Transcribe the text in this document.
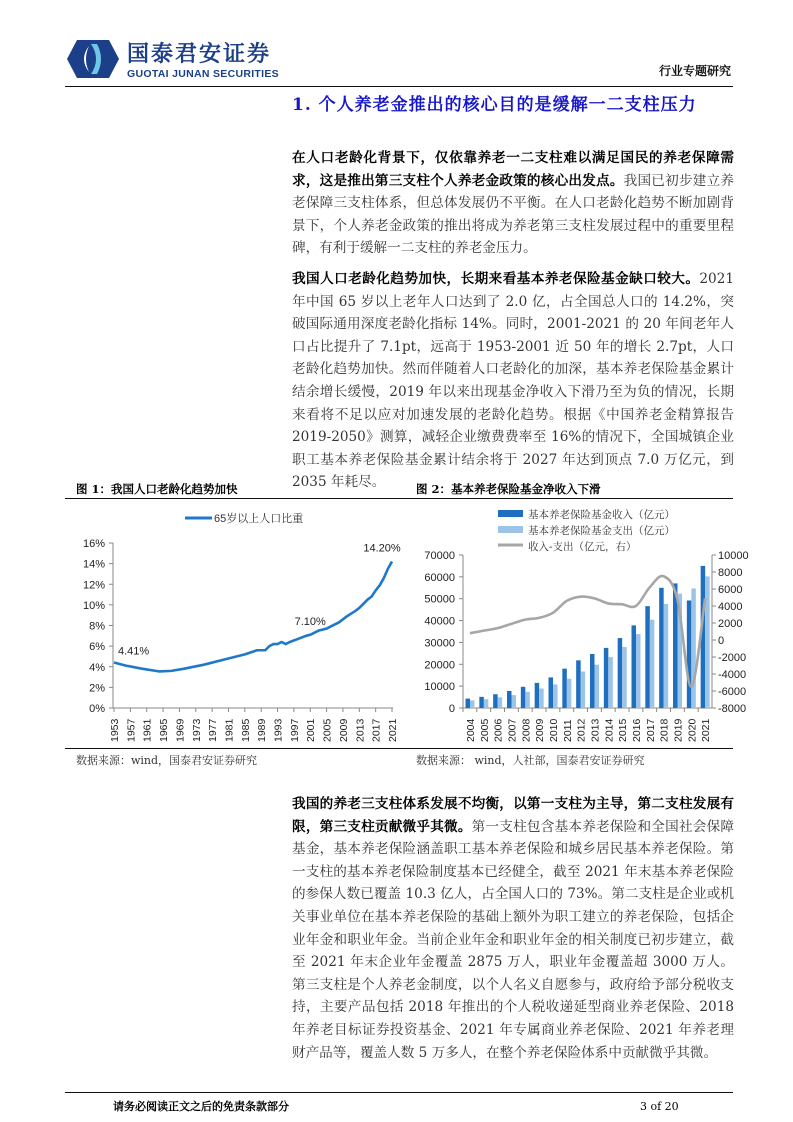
国泰君安证券
GUOTAI JUNAN SECURITIES	行业专题研究
1. 个人养老金推出的核心目的是缓解一二支柱压力
在人口老龄化背景下，仅依靠养老一二支柱难以满足国民的养老保障需求，这是推出第三支柱个人养老金政策的核心出发点。我国已初步建立养老保障三支柱体系，但总体发展仍不平衡。在人口老龄化趋势不断加剧背景下，个人养老金政策的推出将成为养老第三支柱发展过程中的重要里程碑，有利于缓解一二支柱的养老金压力。
我国人口老龄化趋势加快，长期来看基本养老保险基金缺口较大。2021年中国 65 岁以上老年人口达到了 2.0 亿，占全国总人口的 14.2%，突破国际通用深度老龄化指标 14%。同时，2001-2021 的 20 年间老年人口占比提升了 7.1pt，远高于 1953-2001 近 50 年的增长 2.7pt，人口老龄化趋势加快。然而伴随着人口老龄化的加深，基本养老保险基金累计结余增长缓慢，2019 年以来出现基金净收入下滑乃至为负的情况，长期来看将不足以应对加速发展的老龄化趋势。根据《中国养老金精算报告 2019-2050》测算，减轻企业缴费费率至 16%的情况下，全国城镇企业职工基本养老保险基金累计结余将于 2027 年达到顶点 7.0 万亿元，到 2035 年耗尽。
图 1：我国人口老龄化趋势加快	图 2：基本养老保险基金净收入下滑
数据来源：wind，国泰君安证券研究	数据来源： wind，人社部，国泰君安证券研究
0%
2%
4%
6%
8%
10%
12%
14%
16%
1953 1957 1961 1965 1969 1973 1977 1981 1985 1989 1993 1997 2001 2005 2009 2013 2017 2021
4.41%
7.10%
14.20%
65岁以上人口比重
0
10000
20000
30000
40000
50000
60000
70000
-8000
-6000
-4000
-2000
0
2000
4000
6000
8000
10000
2004 2005 2006 2007 2008 2009 2010 2011 2012 2013 2014 2015 2016 2017 2018 2019 2020 2021
基本养老保险基金收入（亿元）
基本养老保险基金支出（亿元）
收入-支出（亿元，右）
我国的养老三支柱体系发展不均衡，以第一支柱为主导，第二支柱发展有限，第三支柱贡献微乎其微。第一支柱包含基本养老保险和全国社会保障基金，基本养老保险涵盖职工基本养老保险和城乡居民基本养老保险。第一支柱的基本养老保险制度基本已经健全，截至 2021 年末基本养老保险的参保人数已覆盖 10.3 亿人，占全国人口的 73%。第二支柱是企业或机关事业单位在基本养老保险的基础上额外为职工建立的养老保险，包括企业年金和职业年金。当前企业年金和职业年金的相关制度已初步建立，截至 2021 年末企业年金覆盖 2875 万人，职业年金覆盖超 3000 万人。第三支柱是个人养老金制度，以个人名义自愿参与，政府给予部分税收支持，主要产品包括 2018 年推出的个人税收递延型商业养老保险、2018 年养老目标证券投资基金、2021 年专属商业养老保险、2021 年养老理财产品等，覆盖人数 5 万多人，在整个养老保险体系中贡献微乎其微。
请务必阅读正文之后的免责条款部分	3 of 20
